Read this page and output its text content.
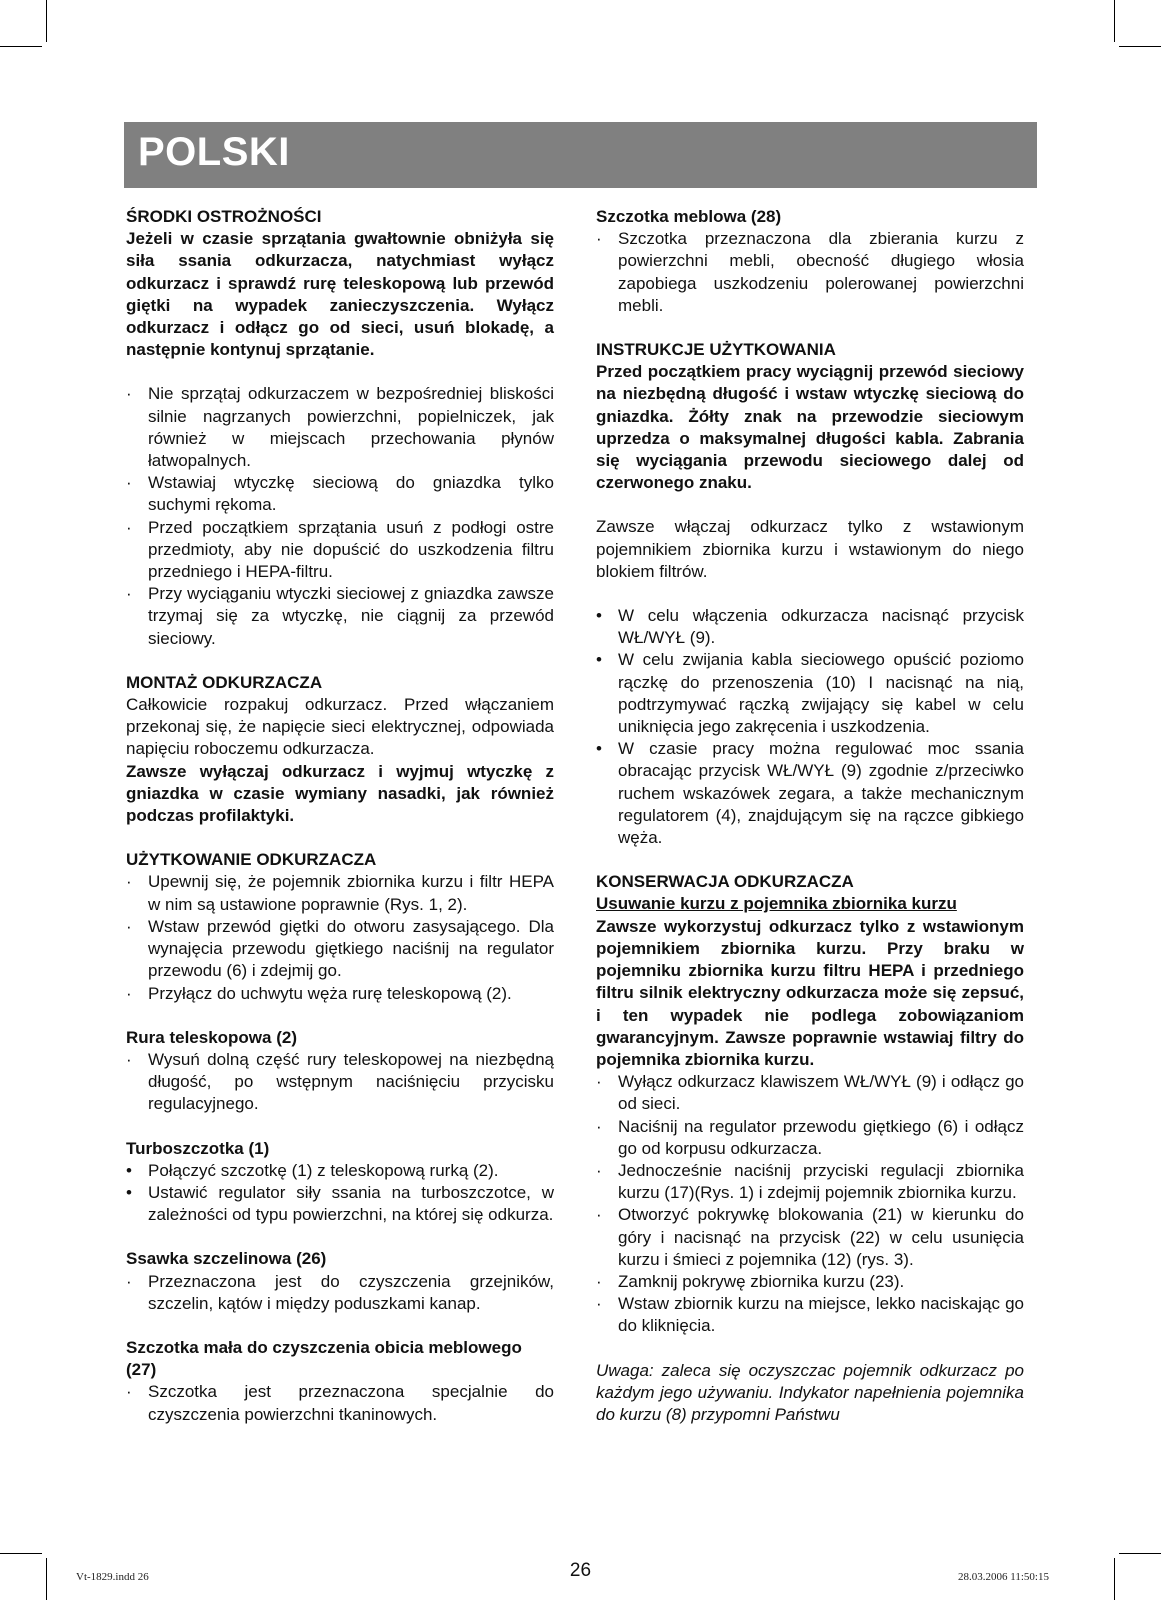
POLSKI
ŚRODKI OSTROŻNOŚCI
Jeżeli w czasie sprzątania gwałtownie obniżyła się siła ssania odkurzacza, natychmiast wyłącz odkurzacz i sprawdź rurę teleskopową lub przewód giętki na wypadek zanieczyszczenia. Wyłącz odkurzacz i odłącz go od sieci, usuń blokadę, a następnie kontynuj sprzątanie.
· Nie sprzątaj odkurzaczem w bezpośredniej bliskości silnie nagrzanych powierzchni, popielniczek, jak również w miejscach przechowania płynów łatwopalnych.
· Wstawiaj wtyczkę sieciową do gniazdka tylko suchymi rękoma.
· Przed początkiem sprzątania usuń z podłogi ostre przedmioty, aby nie dopuścić do uszkodzenia filtru przedniego i HEPA-filtru.
· Przy wyciąganiu wtyczki sieciowej z gniazdka zawsze trzymaj się za wtyczkę, nie ciągnij za przewód sieciowy.
MONTAŻ ODKURZACZA
Całkowicie rozpakuj odkurzacz. Przed włączaniem przekonaj się, że napięcie sieci elektrycznej, odpowiada napięciu roboczemu odkurzacza.
Zawsze wyłączaj odkurzacz i wyjmuj wtyczkę z gniazdka w czasie wymiany nasadki, jak również podczas profilaktyki.
UŻYTKOWANIE ODKURZACZA
· Upewnij się, że pojemnik zbiornika kurzu i filtr HEPA w nim są ustawione poprawnie (Rys. 1, 2).
· Wstaw przewód giętki do otworu zasysającego. Dla wynajęcia przewodu giętkiego naciśnij na regulator przewodu (6) i zdejmij go.
· Przyłącz do uchwytu węża rurę teleskopową (2).
Rura teleskopowa (2)
· Wysuń dolną część rury teleskopowej na niezbędną długość, po wstępnym naciśnięciu przycisku regulacyjnego.
Turboszczotka (1)
• Połączyć szczotkę (1) z teleskopową rurką (2).
• Ustawić regulator siły ssania na turboszczotce, w zależności od typu powierzchni, na której się odkurza.
Ssawka szczelinowa (26)
· Przeznaczona jest do czyszczenia grzejników, szczelin, kątów i między poduszkami kanap.
Szczotka mała do czyszczenia obicia meblowego (27)
· Szczotka jest przeznaczona specjalnie do czyszczenia powierzchni tkaninowych.
Szczotka meblowa (28)
· Szczotka przeznaczona dla zbierania kurzu z powierzchni mebli, obecność długiego włosia zapobiega uszkodzeniu polerowanej powierzchni mebli.
INSTRUKCJE UŻYTKOWANIA
Przed początkiem pracy wyciągnij przewód sieciowy na niezbędną długość i wstaw wtyczkę sieciową do gniazdka. Żółty znak na przewodzie sieciowym uprzedza o maksymalnej długości kabla. Zabrania się wyciągania przewodu sieciowego dalej od czerwonego znaku.
Zawsze włączaj odkurzacz tylko z wstawionym pojemnikiem zbiornika kurzu i wstawionym do niego blokiem filtrów.
• W celu włączenia odkurzacza nacisnąć przycisk WŁ/WYŁ (9).
• W celu zwijania kabla sieciowego opuścić poziomo rączkę do przenoszenia (10) I nacisnąć na nią, podtrzymywać rączką zwijający się kabel w celu uniknięcia jego zakręcenia i uszkodzenia.
• W czasie pracy można regulować moc ssania obracając przycisk WŁ/WYŁ (9) zgodnie z/przeciwko ruchem wskazówek zegara, a także mechanicznym regulatorem (4), znajdującym się na rączce gibkiego węża.
KONSERWACJA ODKURZACZA
Usuwanie kurzu z pojemnika zbiornika kurzu
Zawsze wykorzystuj odkurzacz tylko z wstawionym pojemnikiem zbiornika kurzu. Przy braku w pojemniku zbiornika kurzu filtru HEPA i przedniego filtru silnik elektryczny odkurzacza może się zepsuć, i ten wypadek nie podlega zobowiązaniom gwarancyjnym. Zawsze poprawnie wstawiaj filtry do pojemnika zbiornika kurzu.
· Wyłącz odkurzacz klawiszem WŁ/WYŁ (9) i odłącz go od sieci.
· Naciśnij na regulator przewodu giętkiego (6) i odłącz go od korpusu odkurzacza.
· Jednocześnie naciśnij przyciski regulacji zbiornika kurzu (17)(Rys. 1) i zdejmij pojemnik zbiornika kurzu.
· Otworzyć pokrywkę blokowania (21) w kierunku do góry i nacisnąć na przycisk (22) w celu usunięcia kurzu i śmieci z pojemnika (12) (rys. 3).
· Zamknij pokrywę zbiornika kurzu (23).
· Wstaw zbiornik kurzu na miejsce, lekko naciskając go do kliknięcia.
Uwaga: zaleca się oczyszczac pojemnik odkurzacz po każdym jego używaniu. Indykator napełnienia pojemnika do kurzu (8) przypomni Państwu
26
Vt-1829.indd 26	28.03.2006 11:50:15
